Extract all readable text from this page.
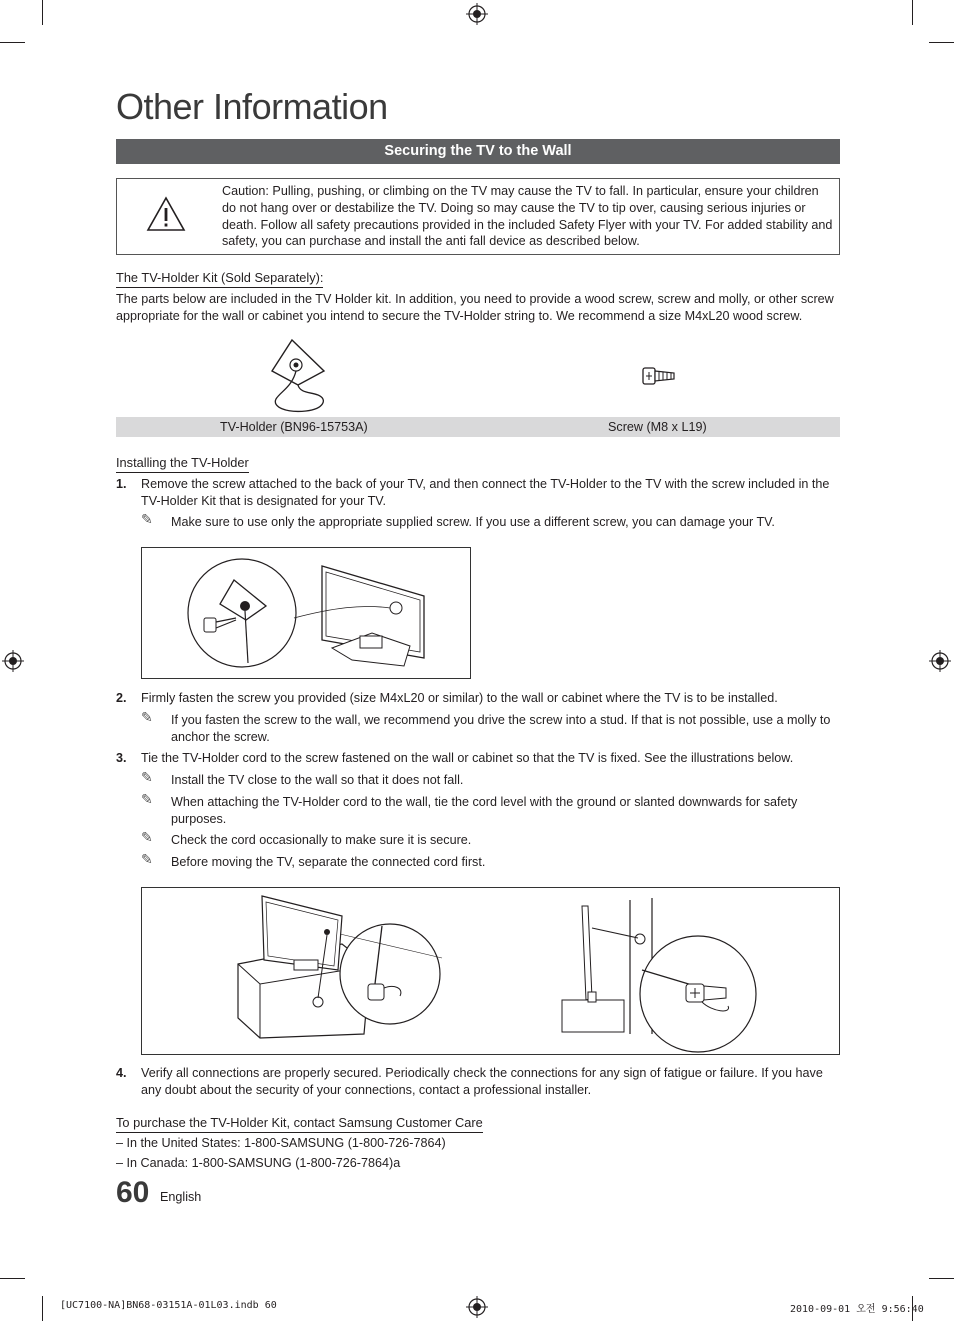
Other Information
Securing the TV to the Wall
Caution: Pulling, pushing, or climbing on the TV may cause the TV to fall. In particular, ensure your children do not hang over or destabilize the TV. Doing so may cause the TV to tip over, causing serious injuries or death. Follow all safety precautions provided in the included Safety Flyer with your TV. For added stability and safety, you can purchase and install the anti fall device as described below.
The TV-Holder Kit (Sold Separately):
The parts below are included in the TV Holder kit. In addition, you need to provide a wood screw, screw and molly, or other screw appropriate for the wall or cabinet you intend to secure the TV-Holder string to. We recommend a size M4xL20 wood screw.
TV-Holder (BN96-15753A)	Screw (M8 x L19)
Installing the TV-Holder
1. Remove the screw attached to the back of your TV, and then connect the TV-Holder to the TV with the screw included in the TV-Holder Kit that is designated for your TV.
✎ Make sure to use only the appropriate supplied screw. If you use a different screw, you can damage your TV.
2. Firmly fasten the screw you provided (size M4xL20 or similar) to the wall or cabinet where the TV is to be installed.
✎ If you fasten the screw to the wall, we recommend you drive the screw into a stud. If that is not possible, use a molly to anchor the screw.
3. Tie the TV-Holder cord to the screw fastened on the wall or cabinet so that the TV is fixed. See the illustrations below.
✎ Install the TV close to the wall so that it does not fall.
✎ When attaching the TV-Holder cord to the wall, tie the cord level with the ground or slanted downwards for safety purposes.
✎ Check the cord occasionally to make sure it is secure.
✎ Before moving the TV, separate the connected cord first.
4. Verify all connections are properly secured. Periodically check the connections for any sign of fatigue or failure. If you have any doubt about the security of your connections, contact a professional installer.
To purchase the TV-Holder Kit, contact Samsung Customer Care
– In the United States: 1-800-SAMSUNG (1-800-726-7864)
– In Canada: 1-800-SAMSUNG (1-800-726-7864)a
60 English
[UC7100-NA]BN68-03151A-01L03.indb 60	2010-09-01 오전 9:56:40
